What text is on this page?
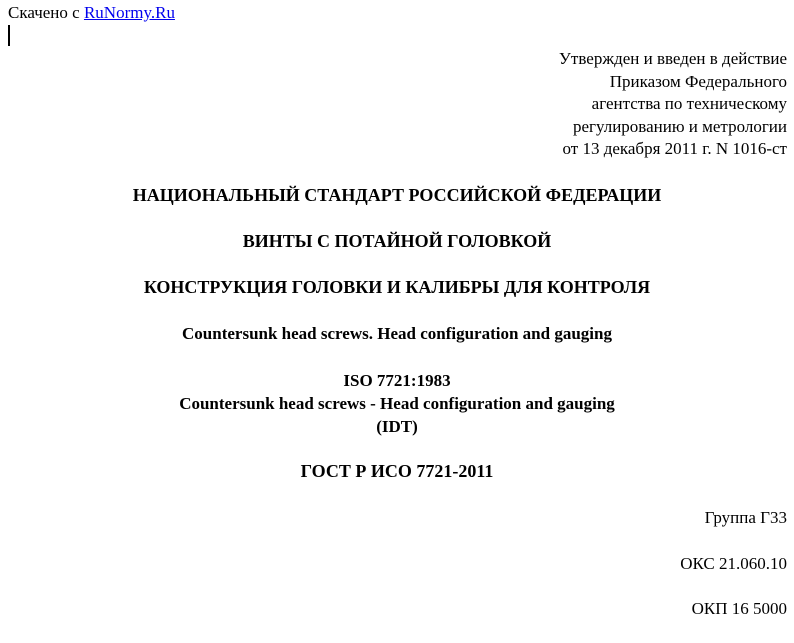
Скачено с RuNormy.Ru
Утвержден и введен в действие
Приказом Федерального
агентства по техническому
регулированию и метрологии
от 13 декабря 2011 г. N 1016-ст
НАЦИОНАЛЬНЫЙ СТАНДАРТ РОССИЙСКОЙ ФЕДЕРАЦИИ
ВИНТЫ С ПОТАЙНОЙ ГОЛОВКОЙ
КОНСТРУКЦИЯ ГОЛОВКИ И КАЛИБРЫ ДЛЯ КОНТРОЛЯ
Countersunk head screws. Head configuration and gauging
ISO 7721:1983
Countersunk head screws - Head configuration and gauging
(IDT)
ГОСТ Р ИСО 7721-2011
Группа Г33
ОКС 21.060.10
ОКП 16 5000
